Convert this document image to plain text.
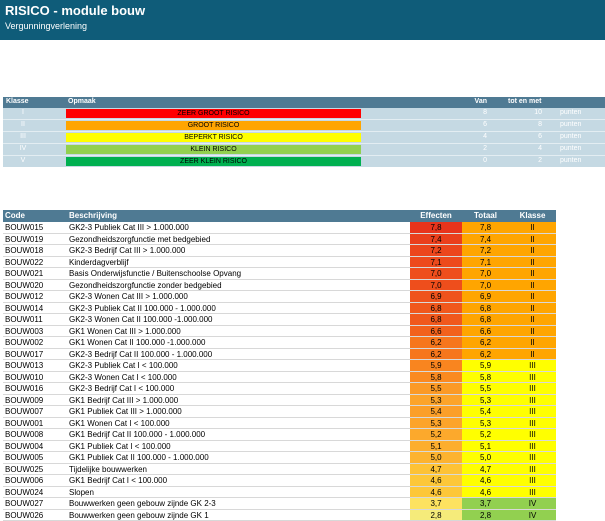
RISICO - module bouw
Vergunningverlening
Klasse	Opmaak	Van	tot en met
I	ZEER GROOT RISICO	8	10	punten
II	GROOT RISICO	6	8	punten
III	BEPERKT RISICO	4	6	punten
IV	KLEIN RISICO	2	4	punten
V	ZEER KLEIN RISICO	0	2	punten
Code	Beschrijving	Effecten	Totaal	Klasse
BOUW015	GK2-3 Publiek Cat III > 1.000.000	7,8	7,8	II
BOUW019	Gezondheidszorgfunctie met bedgebied	7,4	7,4	II
BOUW018	GK2-3 Bedrijf Cat III > 1.000.000	7,2	7,2	II
BOUW022	Kinderdagverblijf	7,1	7,1	II
BOUW021	Basis Onderwijsfunctie / Buitenschoolse Opvang	7,0	7,0	II
BOUW020	Gezondheidszorgfunctie zonder bedgebied	7,0	7,0	II
BOUW012	GK2-3 Wonen Cat III > 1.000.000	6,9	6,9	II
BOUW014	GK2-3 Publiek Cat II 100.000 - 1.000.000	6,8	6,8	II
BOUW011	GK2-3 Wonen Cat II 100.000 -1.000.000	6,8	6,8	II
BOUW003	GK1 Wonen Cat III > 1.000.000	6,6	6,6	II
BOUW002	GK1 Wonen Cat II 100.000 -1.000.000	6,2	6,2	II
BOUW017	GK2-3 Bedrijf Cat II 100.000 - 1.000.000	6,2	6,2	II
BOUW013	GK2-3 Publiek Cat I < 100.000	5,9	5,9	III
BOUW010	GK2-3 Wonen Cat I < 100.000	5,8	5,8	III
BOUW016	GK2-3 Bedrijf Cat I < 100.000	5,5	5,5	III
BOUW009	GK1 Bedrijf Cat III > 1.000.000	5,3	5,3	III
BOUW007	GK1 Publiek Cat III > 1.000.000	5,4	5,4	III
BOUW001	GK1 Wonen Cat I < 100.000	5,3	5,3	III
BOUW008	GK1 Bedrijf Cat II 100.000 - 1.000.000	5,2	5,2	III
BOUW004	GK1 Publiek Cat I < 100.000	5,1	5,1	III
BOUW005	GK1 Publiek Cat II 100.000 - 1.000.000	5,0	5,0	III
BOUW025	Tijdelijke bouwwerken	4,7	4,7	III
BOUW006	GK1 Bedrijf Cat I < 100.000	4,6	4,6	III
BOUW024	Slopen	4,6	4,6	III
BOUW027	Bouwwerken geen gebouw zijnde GK 2-3	3,7	3,7	IV
BOUW026	Bouwwerken geen gebouw zijnde GK 1	2,8	2,8	IV
